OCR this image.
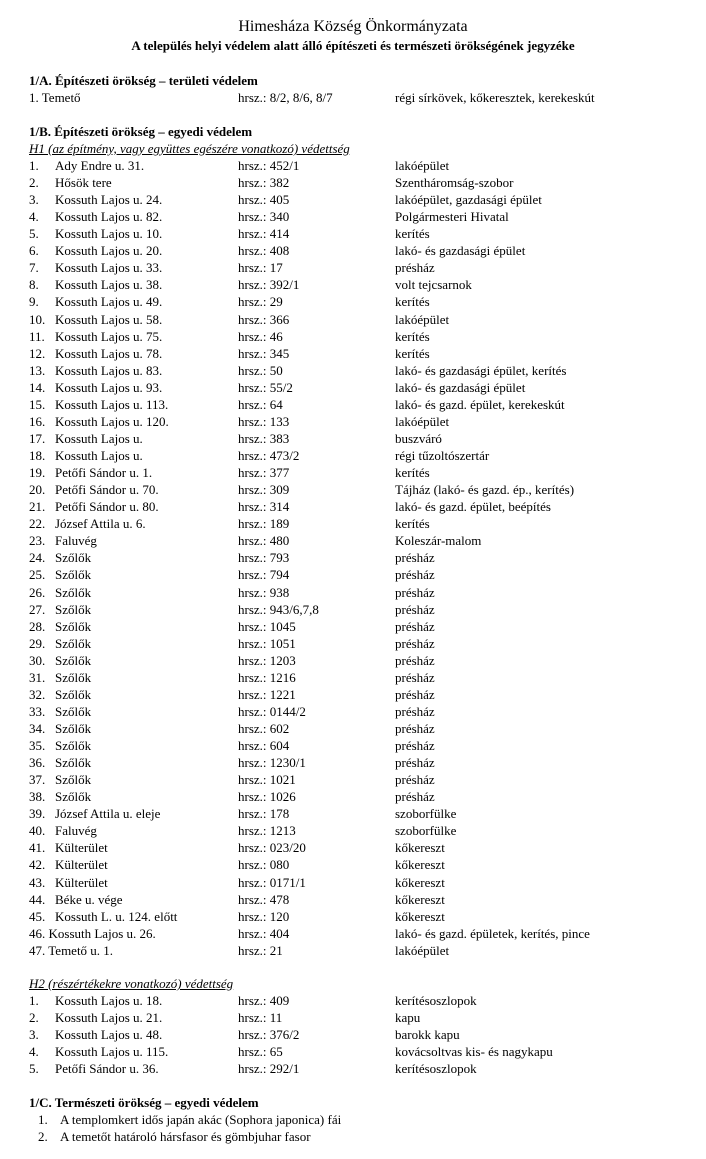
Himesháza Község Önkormányzata
A település helyi védelem alatt álló építészeti és természeti örökségének jegyzéke
1/A. Építészeti örökség – területi védelem
1. Temető	hrsz.: 8/2, 8/6, 8/7	régi sírkövek, kőkeresztek, kerekeskút
1/B. Építészeti örökség – egyedi védelem
H1 (az építmény, vagy együttes egészére vonatkozó) védettség
1. Ady Endre u. 31.	hrsz.: 452/1	lakóépület
2. Hősök tere	hrsz.: 382	Szentháromság-szobor
3. Kossuth Lajos u. 24.	hrsz.: 405	lakóépület, gazdasági épület
4. Kossuth Lajos u. 82.	hrsz.: 340	Polgármesteri Hivatal
5. Kossuth Lajos u. 10.	hrsz.: 414	kerítés
6. Kossuth Lajos u. 20.	hrsz.: 408	lakó- és gazdasági épület
7. Kossuth Lajos u. 33.	hrsz.: 17	présház
8. Kossuth Lajos u. 38.	hrsz.: 392/1	volt tejcsarnok
9. Kossuth Lajos u. 49.	hrsz.: 29	kerítés
10. Kossuth Lajos u. 58.	hrsz.: 366	lakóépület
11. Kossuth Lajos u. 75.	hrsz.: 46	kerítés
12. Kossuth Lajos u. 78.	hrsz.: 345	kerítés
13. Kossuth Lajos u. 83.	hrsz.: 50	lakó- és gazdasági épület, kerítés
14. Kossuth Lajos u. 93.	hrsz.: 55/2	lakó- és gazdasági épület
15. Kossuth Lajos u. 113.	hrsz.: 64	lakó- és gazd. épület, kerekeskút
16. Kossuth Lajos u. 120.	hrsz.: 133	lakóépület
17. Kossuth Lajos u.	hrsz.: 383	buszváró
18. Kossuth Lajos u.	hrsz.: 473/2	régi tűzoltószertár
19. Petőfi Sándor u. 1.	hrsz.: 377	kerítés
20. Petőfi Sándor u. 70.	hrsz.: 309	Tájház (lakó- és gazd. ép., kerítés)
21. Petőfi Sándor u. 80.	hrsz.: 314	lakó- és gazd. épület, beépítés
22. József Attila u. 6.	hrsz.: 189	kerítés
23. Faluvég	hrsz.: 480	Koleszár-malom
24. Szőlők	hrsz.: 793	présház
25. Szőlők	hrsz.: 794	présház
26. Szőlők	hrsz.: 938	présház
27. Szőlők	hrsz.: 943/6,7,8	présház
28. Szőlők	hrsz.: 1045	présház
29. Szőlők	hrsz.: 1051	présház
30. Szőlők	hrsz.: 1203	présház
31. Szőlők	hrsz.: 1216	présház
32. Szőlők	hrsz.: 1221	présház
33. Szőlők	hrsz.: 0144/2	présház
34. Szőlők	hrsz.: 602	présház
35. Szőlők	hrsz.: 604	présház
36. Szőlők	hrsz.: 1230/1	présház
37. Szőlők	hrsz.: 1021	présház
38. Szőlők	hrsz.: 1026	présház
39. József Attila u. eleje	hrsz.: 178	szoborfülke
40. Faluvég	hrsz.: 1213	szoborfülke
41. Külterület	hrsz.: 023/20	kőkereszt
42. Külterület	hrsz.: 080	kőkereszt
43. Külterület	hrsz.: 0171/1	kőkereszt
44. Béke u. vége	hrsz.: 478	kőkereszt
45. Kossuth L. u. 124. előtt	hrsz.: 120	kőkereszt
46. Kossuth Lajos u. 26.	hrsz.: 404	lakó- és gazd. épületek, kerítés, pince
47. Temető u. 1.	hrsz.: 21	lakóépület
H2 (részértékekre vonatkozó) védettség
1. Kossuth Lajos u. 18.	hrsz.: 409	kerítésoszlopok
2. Kossuth Lajos u. 21.	hrsz.: 11	kapu
3. Kossuth Lajos u. 48.	hrsz.: 376/2	barokk kapu
4. Kossuth Lajos u. 115.	hrsz.: 65	kovácsoltvas kis- és nagykapu
5. Petőfi Sándor u. 36.	hrsz.: 292/1	kerítésoszlopok
1/C. Természeti örökség – egyedi védelem
1. A templomkert idős japán akác (Sophora japonica) fái
2. A temetőt határoló hársfasor és gömbjuhar fasor
